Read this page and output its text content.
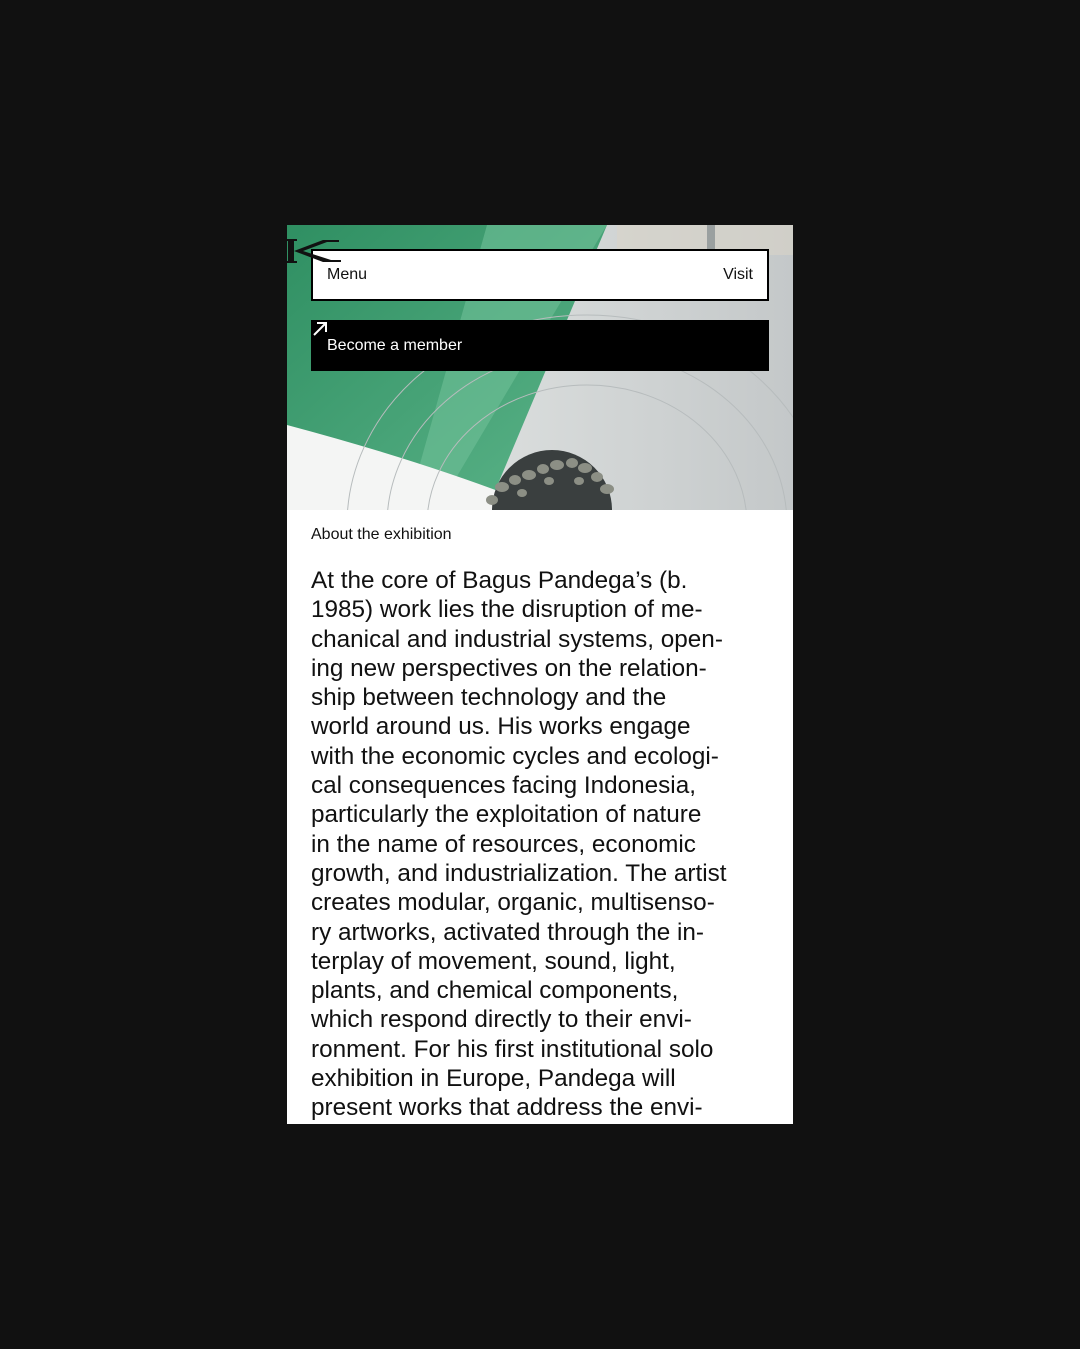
Menu	Visit
Become a member
About the exhibition
At the core of Bagus Pandega’s (b.
1985) work lies the disruption of me-
chanical and industrial systems, open-
ing new perspectives on the relation-
ship between technology and the
world around us. His works engage
with the economic cycles and ecologi-
cal consequences facing Indonesia,
particularly the exploitation of nature
in the name of resources, economic
growth, and industrialization. The artist
creates modular, organic, multisenso-
ry artworks, activated through the in-
terplay of movement, sound, light,
plants, and chemical components,
which respond directly to their envi-
ronment. For his first institutional solo
exhibition in Europe, Pandega will
present works that address the envi-
